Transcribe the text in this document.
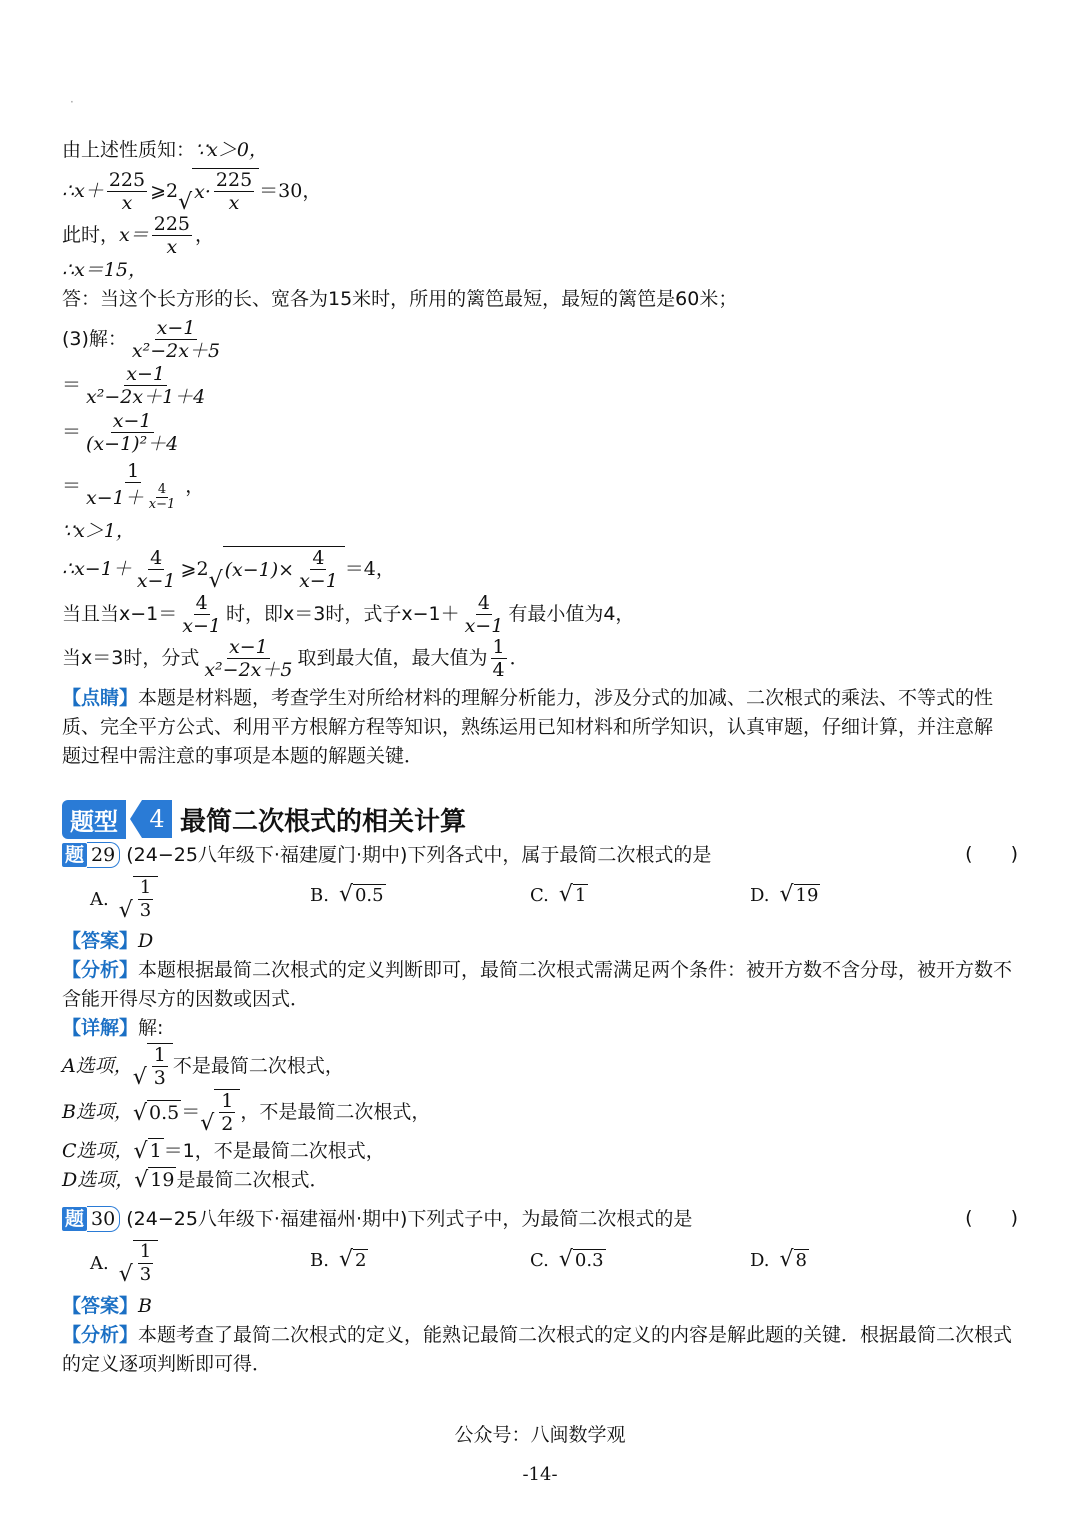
·
由上述性质知：∵x＞0，
∴x＋ $\frac{225}{x}$ ⩾2 √ $x\cdot \frac{225}{x} =30$，
此时， $x= \frac{225}{x}$ ，
∴x＝15，
答：当这个长方形的长、宽各为15米时，所用的篱笆最短，最短的篱笆是60米；
(3)解： $\frac{x-1}{\text{x²−2x＋5}}$
＝ $\frac{x-1}{\text{x²−2x＋1＋4}}$
＝ $\frac{x-1}{\text{(x−1)²＋4}}$
＝ $\frac{1}{x-1+ \frac{4}{x-1}}$ ，
∵x＞1，
∴x−1＋ $\frac{4}{x-1}$ ⩾2 √ $(x-1)\times \frac{4}{x-1} =4$，
当且当$x-1= \frac{4}{x-1}$ 时，即x＝3时，式子$x-1+ \frac{4}{x-1}$ 有最小值为4，
当x＝3时，分式 $\frac{x-1}{\text{x²−2x＋5}}$ 取到最大值，最大值为 $\frac{1}{4}$ ．
【点睛】本题是材料题，考查学生对所给材料的理解分析能力，涉及分式的加减、二次根式的乘法、不等式的性
质、完全平方公式、利用平方根解方程等知识，熟练运用已知材料和所学知识，认真审题，仔细计算，并注意解
题过程中需注意的事项是本题的解题关键．
题型	4 最简二次根式的相关计算
题 29 (24−25八年级下·福建厦门·期中)下列各式中，属于最简二次根式的是	(　　)
A. √ $\frac{1}{3}$	B. √ 0.5	C. √ 1	D. √ 19
【答案】D
【分析】本题根据最简二次根式的定义判断即可，最简二次根式需满足两个条件：被开方数不含分母，被开方数不
含能开得尽方的因数或因式．
【详解】解:
A选项， √ $\frac{1}{3}$ 不是最简二次根式，
B选项， √ 0.5 ＝ √ $\frac{1}{2}$ ，不是最简二次根式，
C选项， √ 1 ＝1，不是最简二次根式，
D选项， √ 19 是最简二次根式．
题 30 (24−25八年级下·福建福州·期中)下列式子中，为最简二次根式的是	(　　)
A. √ $\frac{1}{3}$	B. √ 2	C. √ 0.3	D. √ 8
【答案】B
【分析】本题考查了最简二次根式的定义，能熟记最简二次根式的定义的内容是解此题的关键．根据最简二次根式
的定义逐项判断即可得．
公众号：八闽数学观
-14-
